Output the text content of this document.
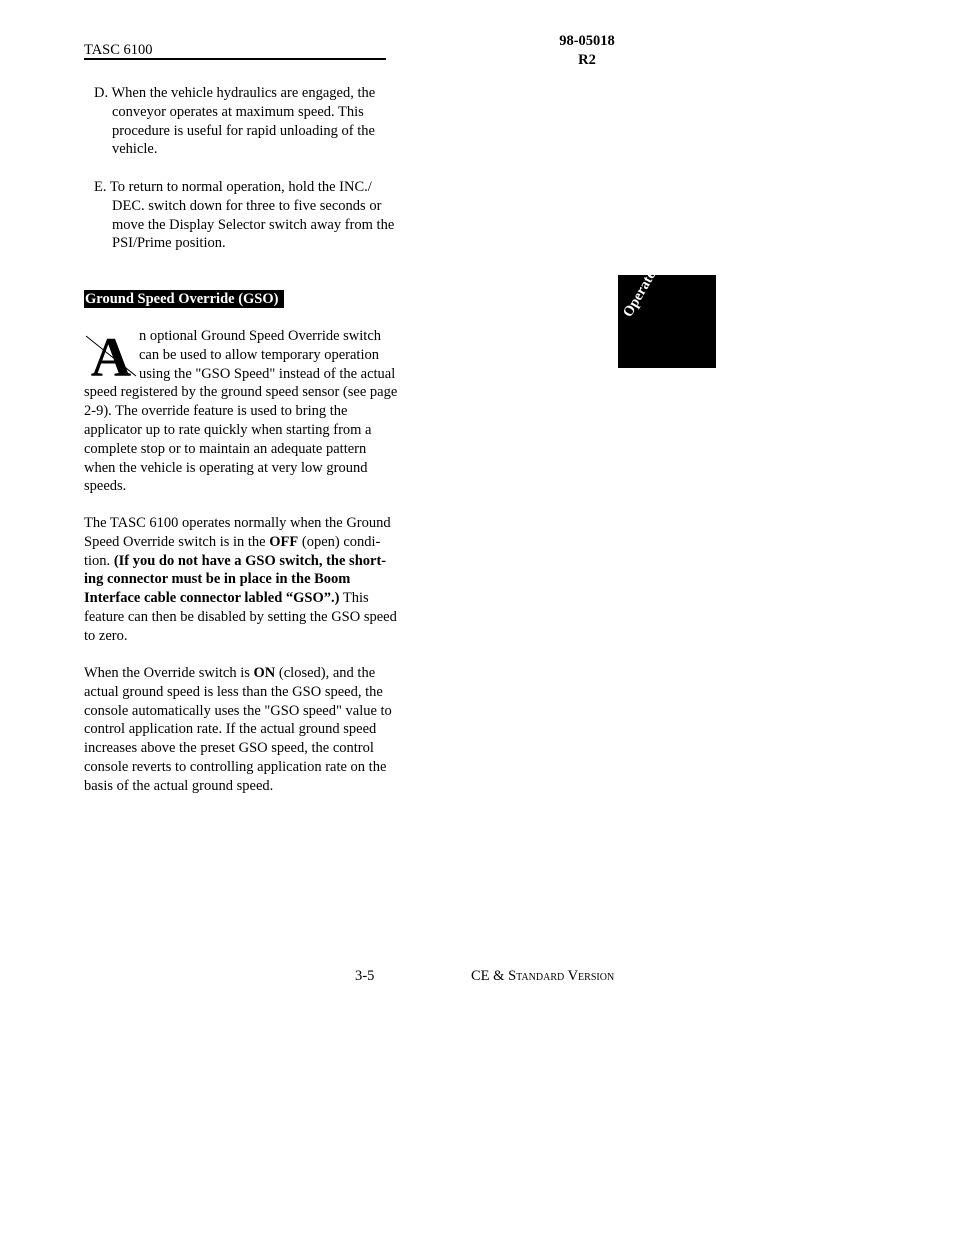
TASC 6100
98-05018
R2
D. When the vehicle hydraulics are engaged, the
conveyor operates at maximum speed. This
procedure is useful for rapid unloading of the
vehicle.
E. To return to normal operation, hold the INC./
DEC. switch down for three to five seconds or
move the Display Selector switch away from the
PSI/Prime position.
Ground Speed Override (GSO)
A n optional Ground Speed Override switch
can be used to allow temporary operation
using the "GSO Speed" instead of the actual
speed registered by the ground speed sensor (see page
2-9). The override feature is used to bring the
applicator up to rate quickly when starting from a
complete stop or to maintain an adequate pattern
when the vehicle is operating at very low ground
speeds.
The TASC 6100 operates normally when the Ground
Speed Override switch is in the OFF (open) condi-
tion. (If you do not have a GSO switch, the short-
ing connector must be in place in the Boom
Interface cable connector labled “GSO”.) This
feature can then be disabled by setting the GSO speed
to zero.
When the Override switch is ON (closed), and the
actual ground speed is less than the GSO speed, the
console automatically uses the "GSO speed" value to
control application rate. If the actual ground speed
increases above the preset GSO speed, the control
console reverts to controlling application rate on the
basis of the actual ground speed.
Operate
3-5	CE & Standard Version
